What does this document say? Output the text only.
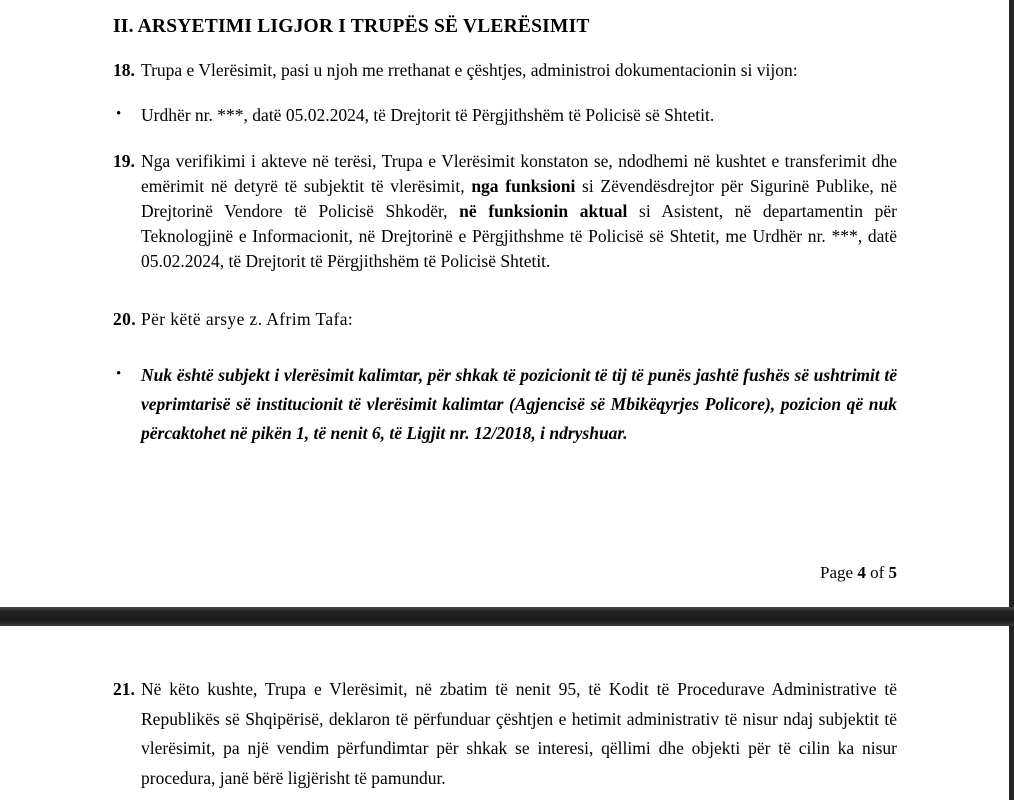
II. ARSYETIMI LIGJOR I TRUPËS SË VLERËSIMIT
18. Trupa e Vlerësimit, pasi u njoh me rrethanat e çështjes, administroi dokumentacionin si vijon:
• Urdhër nr. ***, datë 05.02.2024, të Drejtorit të Përgjithshëm të Policisë së Shtetit.
19. Nga verifikimi i akteve në terësi, Trupa e Vlerësimit konstaton se, ndodhemi në kushtet e transferimit dhe emërimit në detyrë të subjektit të vlerësimit, nga funksioni si Zëvendësdrejtor për Sigurinë Publike, në Drejtorinë Vendore të Policisë Shkodër, në funksionin aktual si Asistent, në departamentin për Teknologjinë e Informacionit, në Drejtorinë e Përgjithshme të Policisë së Shtetit, me Urdhër nr. ***, datë 05.02.2024, të Drejtorit të Përgjithshëm të Policisë Shtetit.
20. Për këtë arsye z. Afrim Tafa:
• Nuk është subjekt i vlerësimit kalimtar, për shkak të pozicionit të tij të punës jashtë fushës së ushtrimit të veprimtarisë së institucionit të vlerësimit kalimtar (Agjencisë së Mbikëqyrjes Policore), pozicion që nuk përcaktohet në pikën 1, të nenit 6, të Ligjit nr. 12/2018, i ndryshuar.
Page 4 of 5
21. Në këto kushte, Trupa e Vlerësimit, në zbatim të nenit 95, të Kodit të Procedurave Administrative të Republikës së Shqipërisë, deklaron të përfunduar çështjen e hetimit administrativ të nisur ndaj subjektit të vlerësimit, pa një vendim përfundimtar për shkak se interesi, qëllimi dhe objekti për të cilin ka nisur procedura, janë bërë ligjërisht të pamundur.
